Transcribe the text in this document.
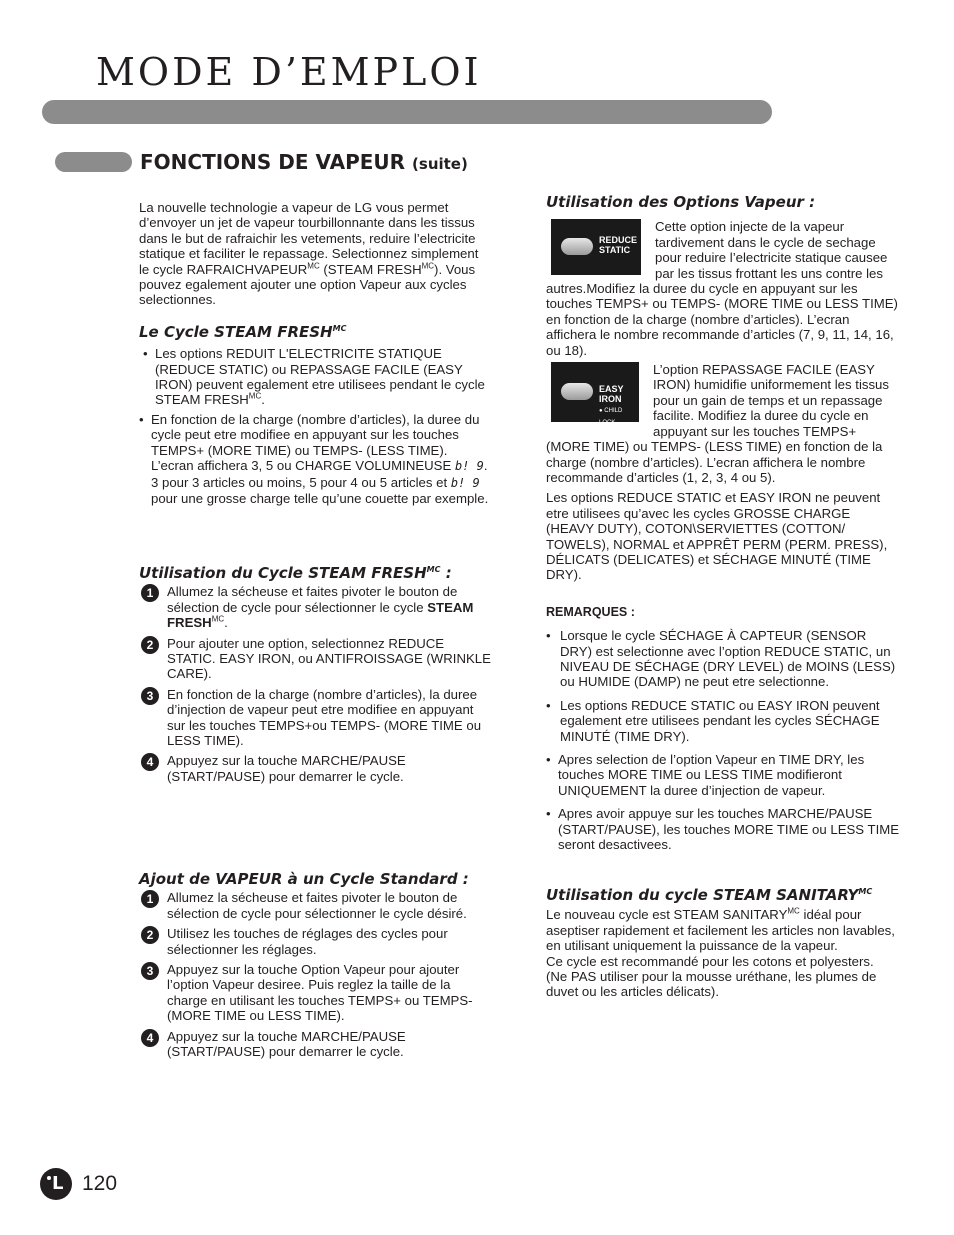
MODE D’EMPLOI
FONCTIONS DE VAPEUR (suite)

La nouvelle technologie a vapeur de LG vous permet d’envoyer un jet de vapeur tourbillonnante dans les tissus dans le but de rafraichir les vetements, reduire l’electricite statique et faciliter le repassage. Selectionnez simplement le cycle $RAFRAICHVAPEUR^{MC}$ (STEAM $FRESH^{MC}$). Vous pouvez egalement ajouter une option Vapeur aux cycles selectionnes.

Le Cycle STEAM $FRESH^{MC}$

• Les options REDUIT L'ELECTRICITE STATIQUE (REDUCE STATIC) ou REPASSAGE FACILE (EASY IRON) peuvent egalement etre utilisees pendant le cycle STEAM $FRESH^{MC}$.
• En fonction de la charge (nombre d’articles), la duree du cycle peut etre modifiee en appuyant sur les touches TEMPS+ (MORE TIME) ou TEMPS- (LESS TIME). L’ecran affichera 3, 5 ou CHARGE VOLUMINEUSE b! 9. 3 pour 3 articles ou moins, 5 pour 4 ou 5 articles et b! 9 pour une grosse charge telle qu’une couette par exemple.

Utilisation du Cycle STEAM $FRESH^{MC}$ :

1	Allumez la sécheuse et faites pivoter le bouton de sélection de cycle pour sélectionner le cycle STEAM $FRESH^{MC}$.
2	Pour ajouter une option, selectionnez REDUCE STATIC. EASY IRON, ou ANTIFROISSAGE (WRINKLE CARE).
3	En fonction de la charge (nombre d’articles), la duree d’injection de vapeur peut etre modifiee en appuyant sur les touches TEMPS+ou TEMPS- (MORE TIME ou LESS TIME).
4	Appuyez sur la touche MARCHE/PAUSE (START/PAUSE) pour demarrer le cycle.

Ajout de VAPEUR à un Cycle Standard :

1	Allumez la sécheuse et faites pivoter le bouton de sélection de cycle pour sélectionner le cycle désiré.
2	Utilisez les touches de réglages des cycles pour sélectionner les réglages.
3	Appuyez sur la touche Option Vapeur pour ajouter l’option Vapeur desiree. Puis reglez la taille de la charge en utilisant les touches TEMPS+ ou TEMPS- (MORE TIME ou LESS TIME).
4	Appuyez sur la touche MARCHE/PAUSE (START/PAUSE) pour demarrer le cycle.

Utilisation des Options Vapeur :

REDUCE
STATIC
Cette option injecte de la vapeur tardivement dans le cycle de sechage pour reduire l’electricite statique causee par les tissus frottant les uns contre les autres.Modifiez la duree du cycle en appuyant sur les touches TEMPS+ ou TEMPS- (MORE TIME ou LESS TIME) en fonction de la charge (nombre d’articles). L’ecran affichera le nombre recommande d’articles (7, 9, 11, 14, 16, ou 18).
EASY IRON
● CHILD LOCK
L’option REPASSAGE FACILE (EASY IRON) humidifie uniformement les tissus pour un gain de temps et un repassage facilite. Modifiez la duree du cycle en appuyant sur les touches TEMPS+ (MORE TIME) ou TEMPS- (LESS TIME) en fonction de la charge (nombre d’articles). L’ecran affichera le nombre recommande d’articles (1, 2, 3, 4 ou 5).

Les options REDUCE STATIC et EASY IRON ne peuvent etre utilisees qu’avec les cycles GROSSE CHARGE (HEAVY DUTY), COTON\SERVIETTES (COTTON/ TOWELS), NORMAL et APPRÊT PERM (PERM. PRESS), DÉLICATS (DELICATES) et SÉCHAGE MINUTÉ (TIME DRY).

REMARQUES :

• Lorsque le cycle SÉCHAGE À CAPTEUR (SENSOR DRY) est selectionne avec l’option REDUCE STATIC, un NIVEAU DE SÉCHAGE (DRY LEVEL) de MOINS (LESS) ou HUMIDE (DAMP) ne peut etre selectionne.
• Les options REDUCE STATIC ou EASY IRON peuvent egalement etre utilisees pendant les cycles SÉCHAGE MINUTÉ (TIME DRY).
• Apres selection de l’option Vapeur en TIME DRY, les touches MORE TIME ou LESS TIME modifieront UNIQUEMENT la duree d’injection de vapeur.
• Apres avoir appuye sur les touches MARCHE/PAUSE (START/PAUSE), les touches MORE TIME ou LESS TIME seront desactivees.

Utilisation du cycle STEAM $SANITARY^{MC}$

Le nouveau cycle est STEAM $SANITARY^{MC}$ idéal pour aseptiser rapidement et facilement les articles non lavables, en utilisant uniquement la puissance de la vapeur.
Ce cycle est recommandé pour les cotons et polyesters.
(Ne PAS utiliser pour la mousse uréthane, les plumes de duvet ou les articles délicats).
L 120
